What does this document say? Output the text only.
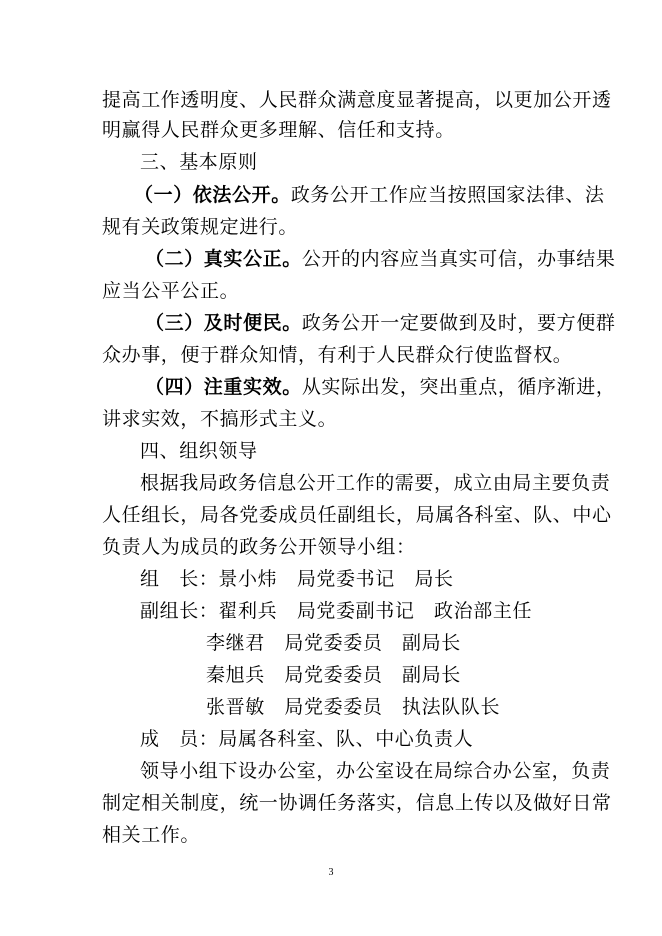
提高工作透明度、人民群众满意度显著提高，以更加公开透
明赢得人民群众更多理解、信任和支持。
三、基本原则
（一）依法公开。政务公开工作应当按照国家法律、法
规有关政策规定进行。
（二）真实公正。公开的内容应当真实可信，办事结果
应当公平公正。
（三）及时便民。政务公开一定要做到及时，要方便群
众办事，便于群众知情，有利于人民群众行使监督权。
（四）注重实效。从实际出发，突出重点，循序渐进，
讲求实效，不搞形式主义。
四、组织领导
根据我局政务信息公开工作的需要，成立由局主要负责
人任组长，局各党委成员任副组长，局属各科室、队、中心
负责人为成员的政务公开领导小组：
组　长：景小炜　 局党委书记　 局长
副组长：翟利兵　 局党委副书记　 政治部主任
李继君　 局党委委员　 副局长
秦旭兵　 局党委委员　 副局长
张晋敏　 局党委委员　 执法队队长
成　员：局属各科室、队、中心负责人
领导小组下设办公室，办公室设在局综合办公室，负责
制定相关制度，统一协调任务落实，信息上传以及做好日常
相关工作。
3
